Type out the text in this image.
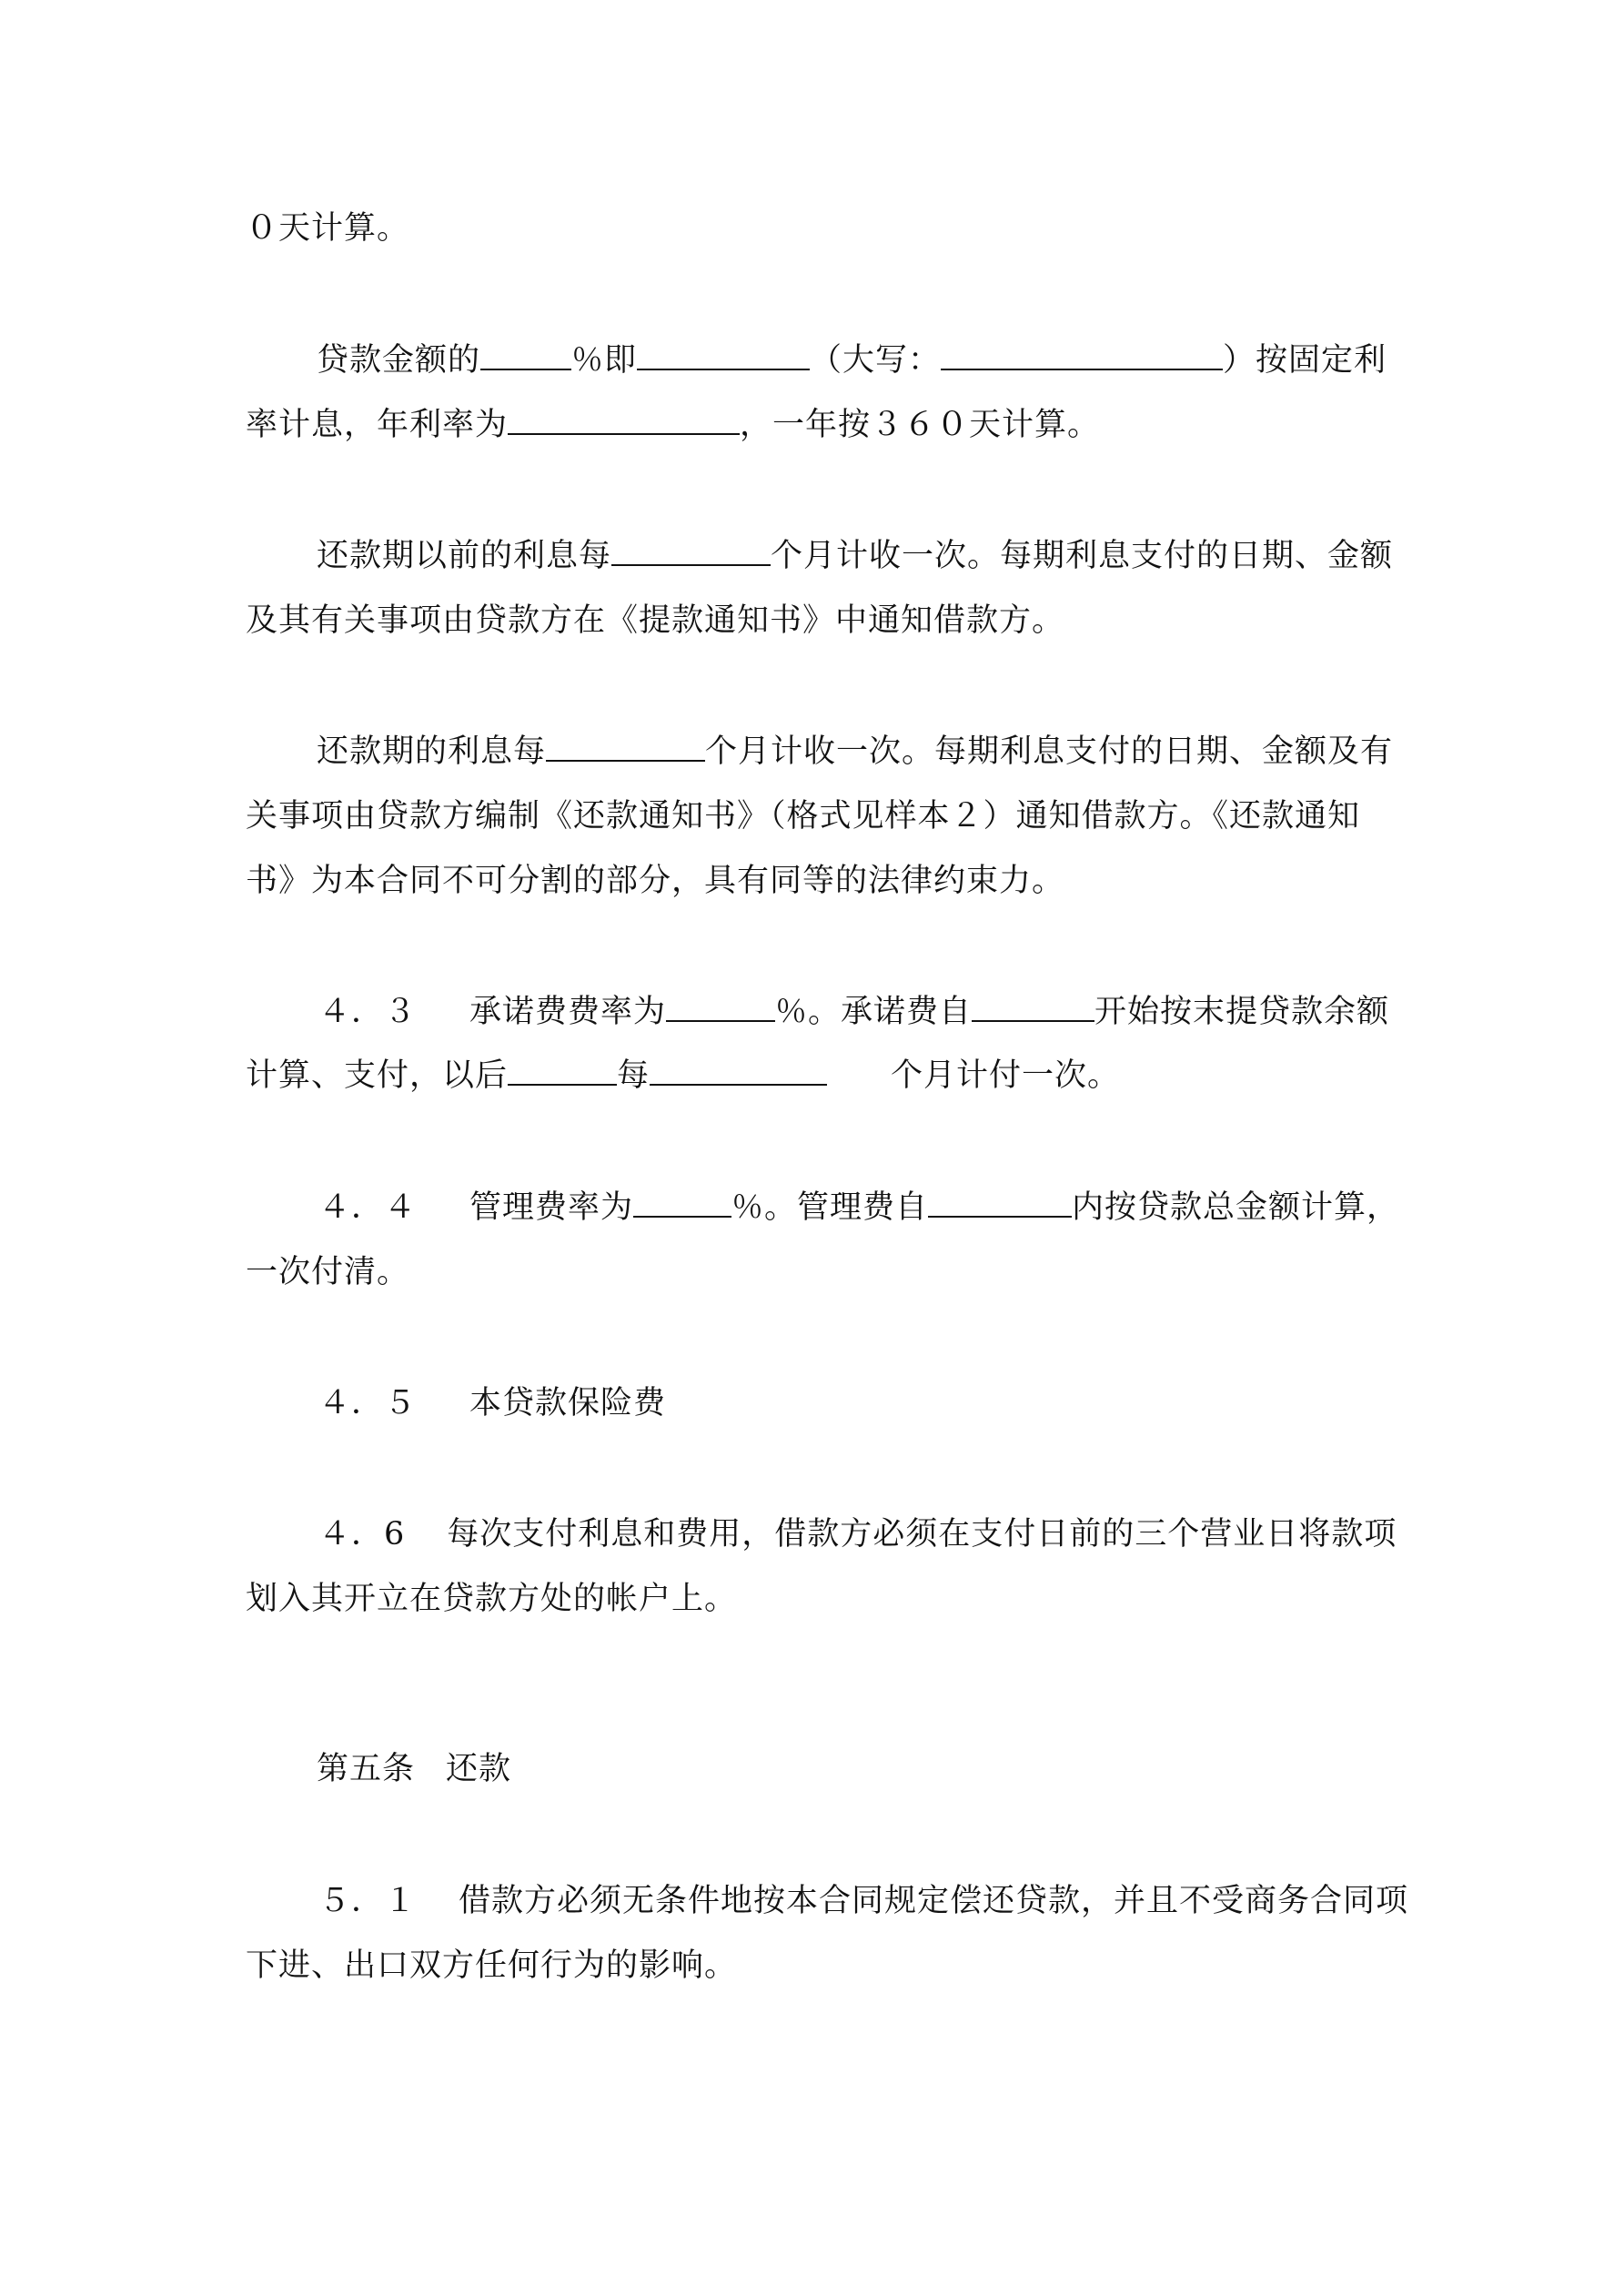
０天计算。
贷款金额的	％即	（大写：	）按固定利
率计息，年利率为	，一年按３６０天计算。
还款期以前的利息每	个月计收一次。每期利息支付的日期、金额
及其有关事项由贷款方在《提款通知书》中通知借款方。
还款期的利息每	个月计收一次。每期利息支付的日期、金额及有
关事项由贷款方编制《还款通知书》（格式见样本２）通知借款方。《还款通知
书》为本合同不可分割的部分，具有同等的法律约束力。
４．３ 承诺费费率为	％。承诺费自	开始按末提贷款余额
计算、支付，以后	每	个月计付一次。
４．４ 管理费率为	％。管理费自	内按贷款总金额计算，
一次付清。
４．５ 本贷款保险费
４．6 每次支付利息和费用，借款方必须在支付日前的三个营业日将款项
划入其开立在贷款方处的帐户上。
第五条 还款
５．１ 借款方必须无条件地按本合同规定偿还贷款，并且不受商务合同项
下进、出口双方任何行为的影响。
